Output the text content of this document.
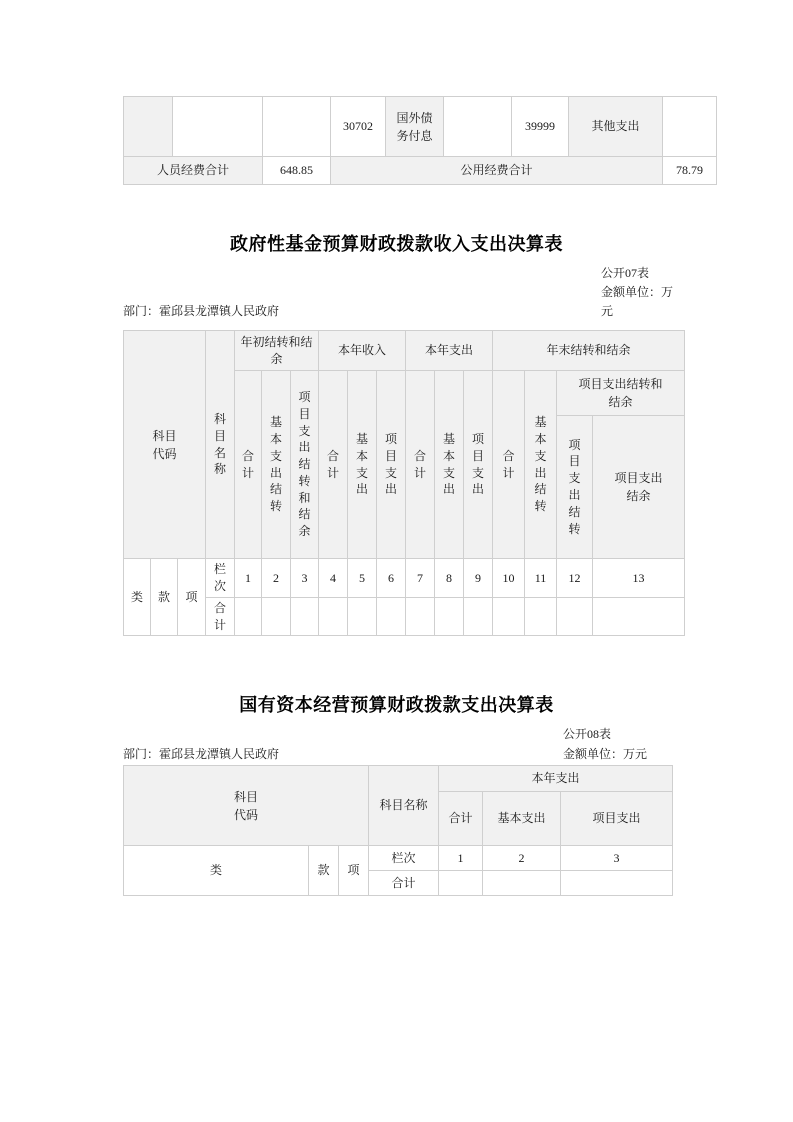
			30702	国外债务付息		39999	其他支出	
人员经费合计		648.85	公用经费合计					78.79
政府性基金预算财政拨款收入支出决算表
公开07表
金额单位：万元
部门：霍邱县龙潭镇人民政府
科目代码			科目名称	年初结转和结余			本年收入			本年支出			年末结转和结余			
				合计	基本支出结转	项目支出结转和结余	合计	基本支出	项目支出	合计	基本支出	项目支出	合计	基本支出结转	项目支出结转和结余	
															项目支出结转	项目支出结余
类	款	项	栏次	1	2	3	4	5	6	7	8	9	10	11	12	13
			合计													
国有资本经营预算财政拨款支出决算表
公开08表
金额单位：万元
部门：霍邱县龙潭镇人民政府
科目代码			科目名称	本年支出		
				合计	基本支出	项目支出
类	款	项	栏次	1	2	3
			合计			
